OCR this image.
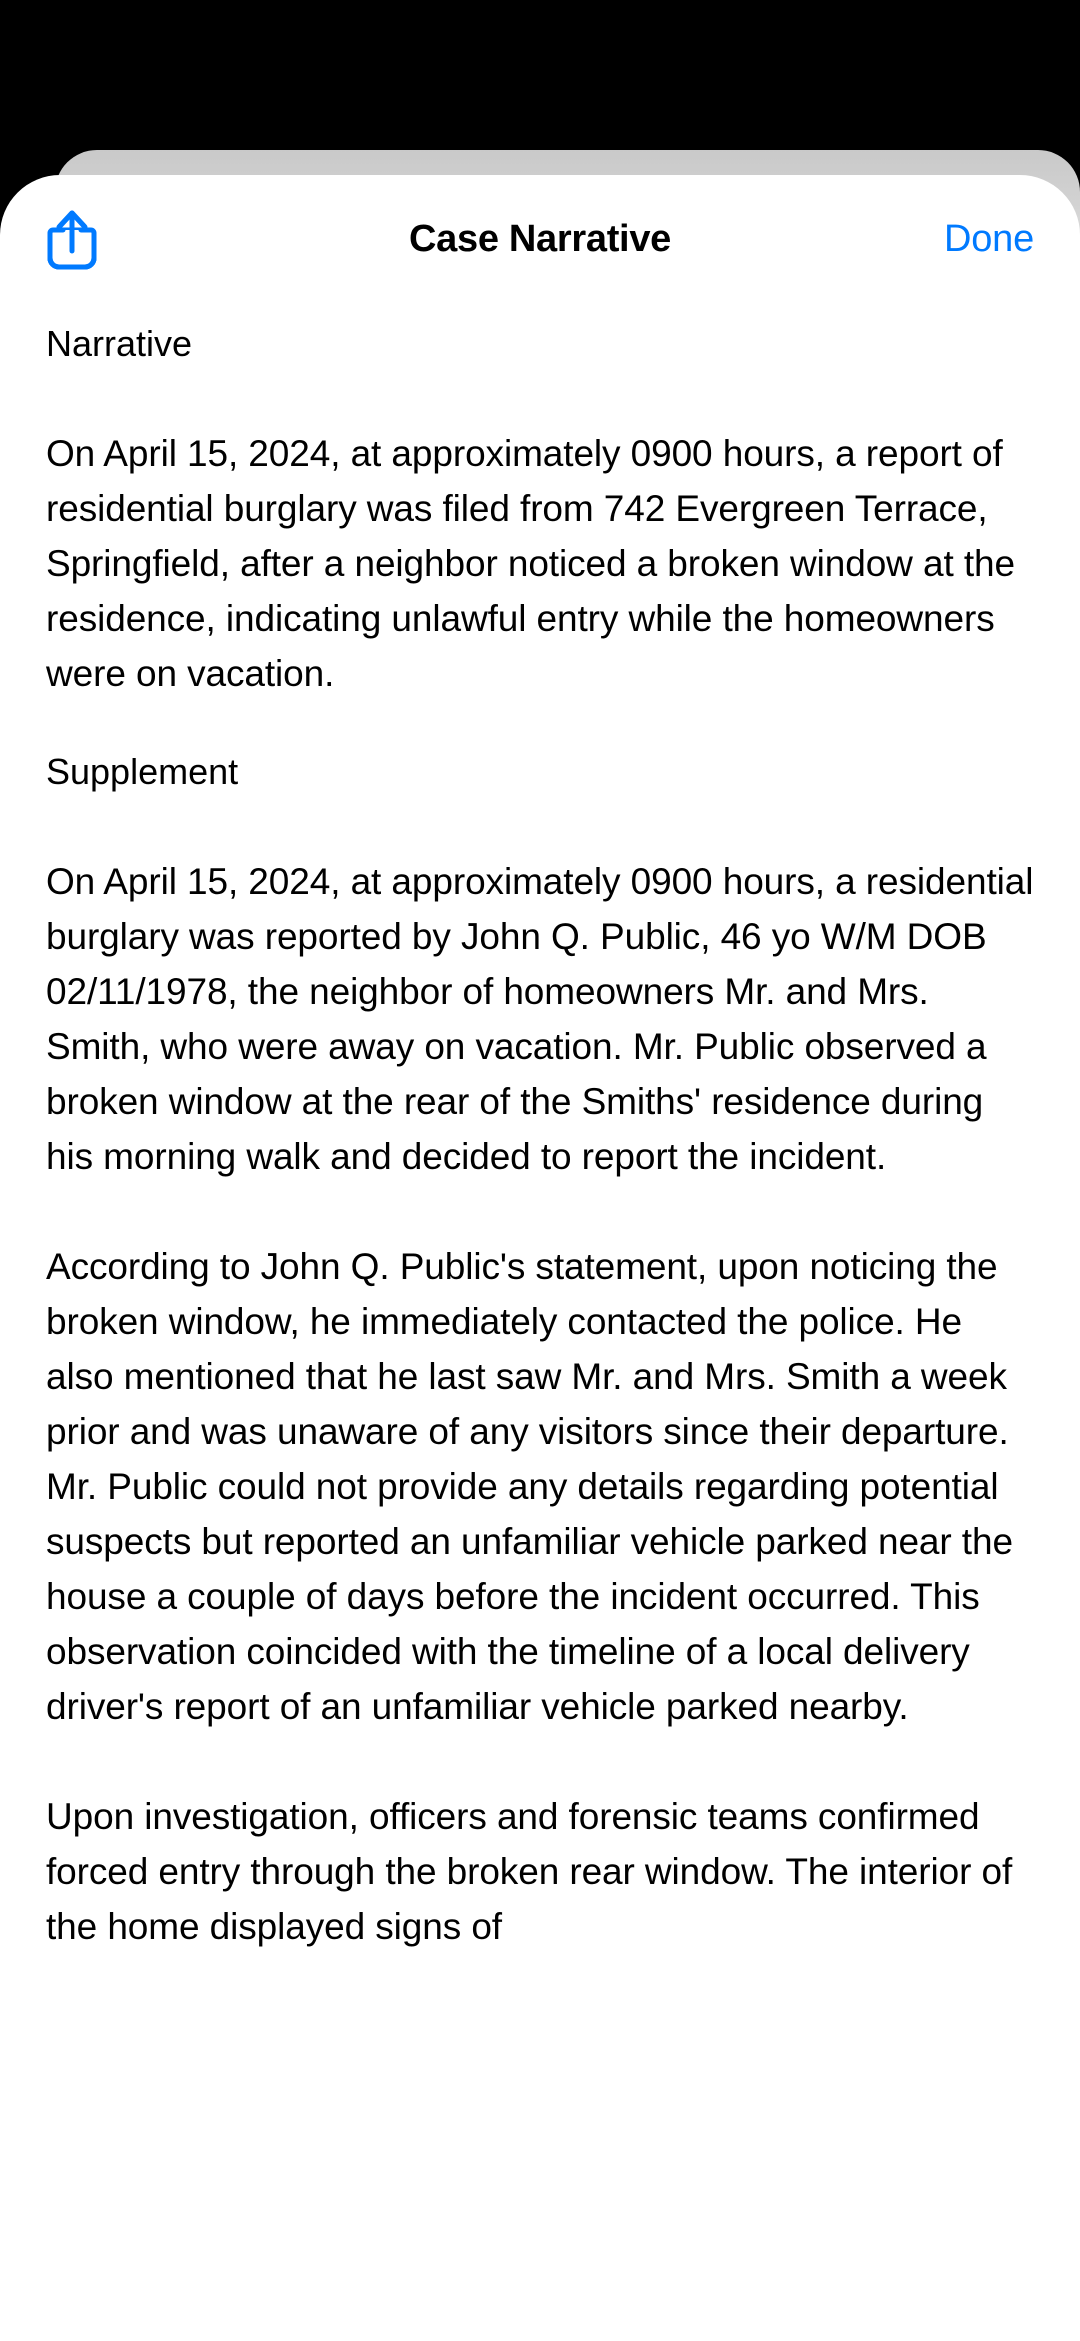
Case Narrative	Done
Narrative
On April 15, 2024, at approximately 0900 hours, a report of residential burglary was filed from 742 Evergreen Terrace, Springfield, after a neighbor noticed a broken window at the residence, indicating unlawful entry while the homeowners were on vacation.
Supplement
On April 15, 2024, at approximately 0900 hours, a residential burglary was reported by John Q. Public, 46 yo W/M DOB 02/11/1978, the neighbor of homeowners Mr. and Mrs. Smith, who were away on vacation. Mr. Public observed a broken window at the rear of the Smiths' residence during his morning walk and decided to report the incident.
According to John Q. Public's statement, upon noticing the broken window, he immediately contacted the police. He also mentioned that he last saw Mr. and Mrs. Smith a week prior and was unaware of any visitors since their departure. Mr. Public could not provide any details regarding potential suspects but reported an unfamiliar vehicle parked near the house a couple of days before the incident occurred. This observation coincided with the timeline of a local delivery driver's report of an unfamiliar vehicle parked nearby.
Upon investigation, officers and forensic teams confirmed forced entry through the broken rear window. The interior of the home displayed signs of
